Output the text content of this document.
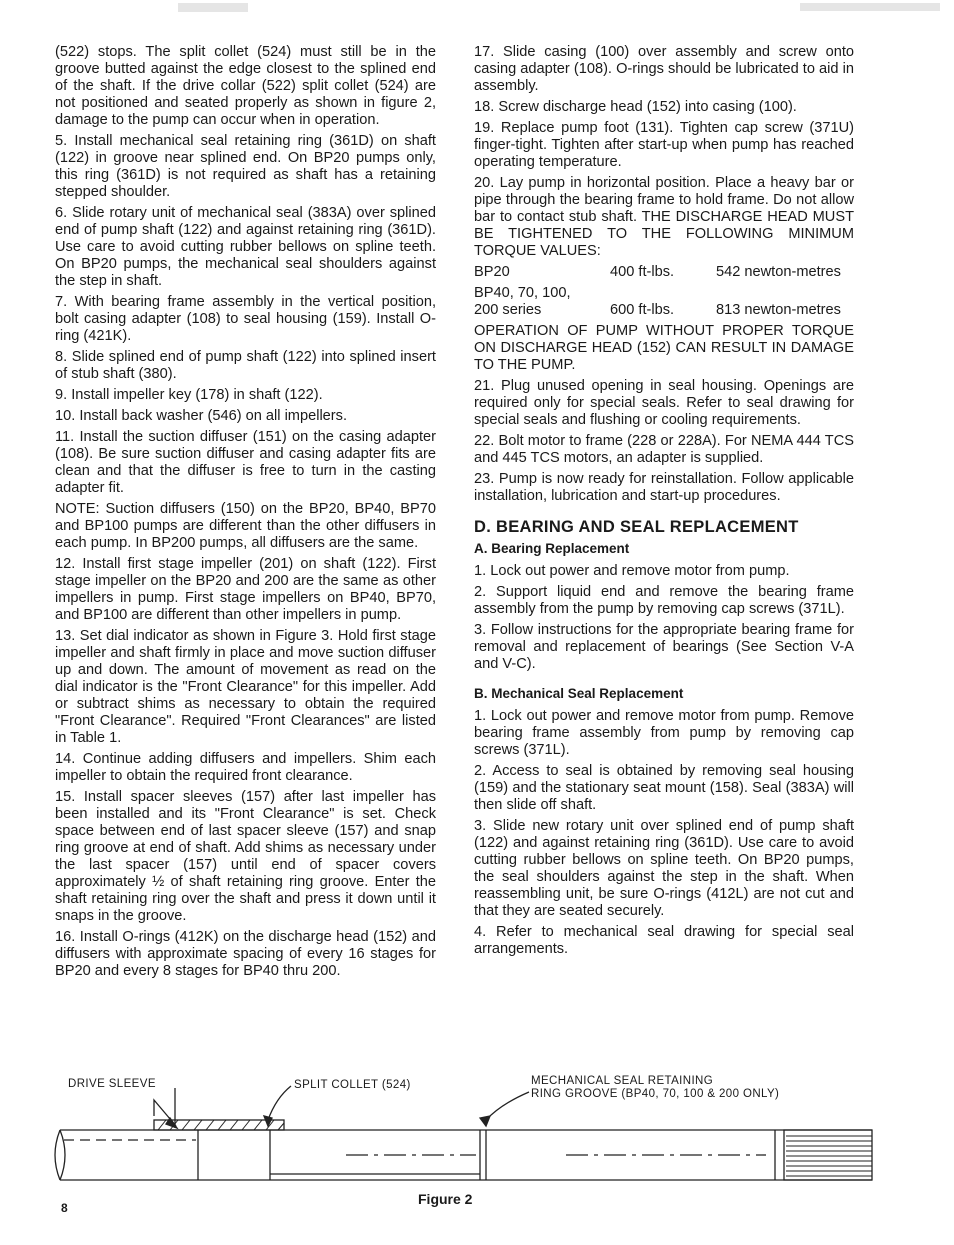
(522) stops. The split collet (524) must still be in the groove butted against the edge closest to the splined end of the shaft. If the drive collar (522) split collet (524) are not positioned and seated properly as shown in figure 2, damage to the pump can occur when in operation.

5. Install mechanical seal retaining ring (361D) on shaft (122) in groove near splined end. On BP20 pumps only, this ring (361D) is not required as shaft has a retaining stepped shoulder.

6. Slide rotary unit of mechanical seal (383A) over splined end of pump shaft (122) and against retaining ring (361D). Use care to avoid cutting rubber bellows on spline teeth. On BP20 pumps, the mechanical seal shoulders against the step in shaft.

7. With bearing frame assembly in the vertical position, bolt casing adapter (108) to seal housing (159). Install O-ring (421K).

8. Slide splined end of pump shaft (122) into splined insert of stub shaft (380).

9. Install impeller key (178) in shaft (122).

10. Install back washer (546) on all impellers.

11. Install the suction diffuser (151) on the casing adapter (108). Be sure suction diffuser and casing adapter fits are clean and that the diffuser is free to turn in the casting adapter fit.

NOTE: Suction diffusers (150) on the BP20, BP40, BP70 and BP100 pumps are different than the other diffusers in each pump. In BP200 pumps, all diffusers are the same.

12. Install first stage impeller (201) on shaft (122). First stage impeller on the BP20 and 200 are the same as other impellers in pump. First stage impellers on BP40, BP70, and BP100 are different than other impellers in pump.

13. Set dial indicator as shown in Figure 3. Hold first stage impeller and shaft firmly in place and move suction diffuser up and down. The amount of movement as read on the dial indicator is the "Front Clearance" for this impeller. Add or subtract shims as necessary to obtain the required "Front Clearance". Required "Front Clearances" are listed in Table 1.

14. Continue adding diffusers and impellers. Shim each impeller to obtain the required front clearance.

15. Install spacer sleeves (157) after last impeller has been installed and its "Front Clearance" is set. Check space between end of last spacer sleeve (157) and snap ring groove at end of shaft. Add shims as necessary under the last spacer (157) until end of spacer covers approximately ½ of shaft retaining ring groove. Enter the shaft retaining ring over the shaft and press it down until it snaps in the groove.

16. Install O-rings (412K) on the discharge head (152) and diffusers with approximate spacing of every 16 stages for BP20 and every 8 stages for BP40 thru 200.

17. Slide casing (100) over assembly and screw onto casing adapter (108). O-rings should be lubricated to aid in assembly.

18. Screw discharge head (152) into casing (100).

19. Replace pump foot (131). Tighten cap screw (371U) finger-tight. Tighten after start-up when pump has reached operating temperature.

20. Lay pump in horizontal position. Place a heavy bar or pipe through the bearing frame to hold frame. Do not allow bar to contact stub shaft. THE DISCHARGE HEAD MUST BE TIGHTENED TO THE FOLLOWING MINIMUM TORQUE VALUES:

BP20	400 ft-lbs.	542 newton-metres
BP40, 70, 100,
200 series	600 ft-lbs.	813 newton-metres

OPERATION OF PUMP WITHOUT PROPER TORQUE ON DISCHARGE HEAD (152) CAN RESULT IN DAMAGE TO THE PUMP.

21. Plug unused opening in seal housing. Openings are required only for special seals. Refer to seal drawing for special seals and flushing or cooling requirements.

22. Bolt motor to frame (228 or 228A). For NEMA 444 TCS and 445 TCS motors, an adapter is supplied.

23. Pump is now ready for reinstallation. Follow applicable installation, lubrication and start-up procedures.

D. BEARING AND SEAL REPLACEMENT
A. Bearing Replacement

1. Lock out power and remove motor from pump.

2. Support liquid end and remove the bearing frame assembly from the pump by removing cap screws (371L).

3. Follow instructions for the appropriate bearing frame for removal and replacement of bearings (See Section V-A and V-C).

B. Mechanical Seal Replacement

1. Lock out power and remove motor from pump. Remove bearing frame assembly from pump by removing cap screws (371L).

2. Access to seal is obtained by removing seal housing (159) and the stationary seat mount (158). Seal (383A) will then slide off shaft.

3. Slide new rotary unit over splined end of pump shaft (122) and against retaining ring (361D). Use care to avoid cutting rubber bellows on spline teeth. On BP20 pumps, the seal shoulders against the step in the shaft. When reassembling unit, be sure O-rings (412L) are not cut and that they are seated securely.

4. Refer to mechanical seal drawing for special seal arrangements.

DRIVE SLEEVE	SPLIT COLLET (524)	MECHANICAL SEAL RETAINING
RING GROOVE (BP40, 70, 100 & 200 ONLY)
Figure 2
8
